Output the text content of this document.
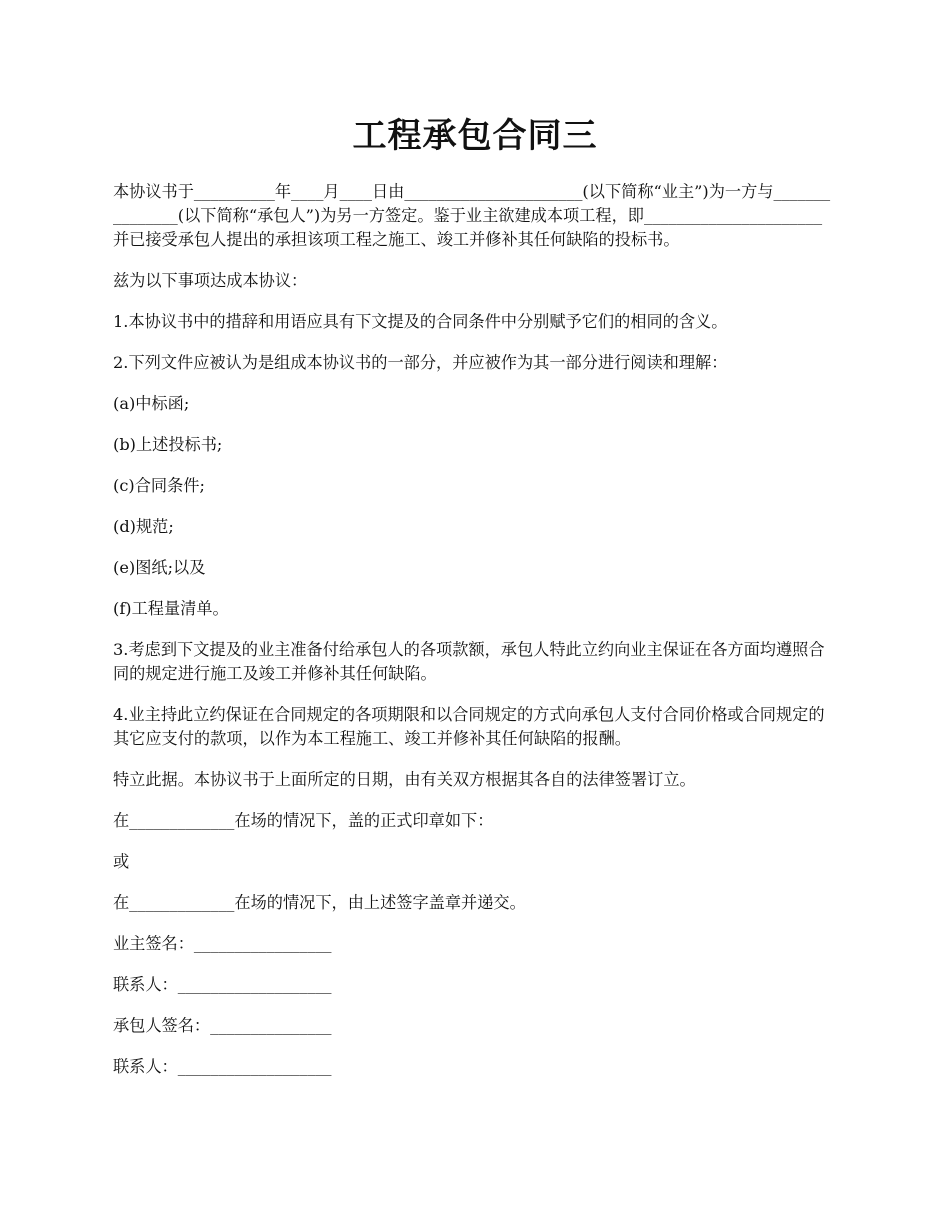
工程承包合同三

本协议书于__________年____月____日由______________________(以下简称“业主”)为一方与_______________(以下简称“承包人”)为另一方签定。鉴于业主欲建成本项工程，即______________________并已接受承包人提出的承担该项工程之施工、竣工并修补其任何缺陷的投标书。

兹为以下事项达成本协议：

1.本协议书中的措辞和用语应具有下文提及的合同条件中分别赋予它们的相同的含义。

2.下列文件应被认为是组成本协议书的一部分，并应被作为其一部分进行阅读和理解：

(a)中标函;

(b)上述投标书;

(c)合同条件;

(d)规范;

(e)图纸;以及

(f)工程量清单。

3.考虑到下文提及的业主准备付给承包人的各项款额，承包人特此立约向业主保证在各方面均遵照合同的规定进行施工及竣工并修补其任何缺陷。

4.业主持此立约保证在合同规定的各项期限和以合同规定的方式向承包人支付合同价格或合同规定的其它应支付的款项，以作为本工程施工、竣工并修补其任何缺陷的报酬。

特立此据。本协议书于上面所定的日期，由有关双方根据其各自的法律签署订立。

在_____________在场的情况下，盖的正式印章如下：

或

在_____________在场的情况下，由上述签字盖章并递交。

业主签名：_________________

联系人：___________________

承包人签名：_______________

联系人：___________________
